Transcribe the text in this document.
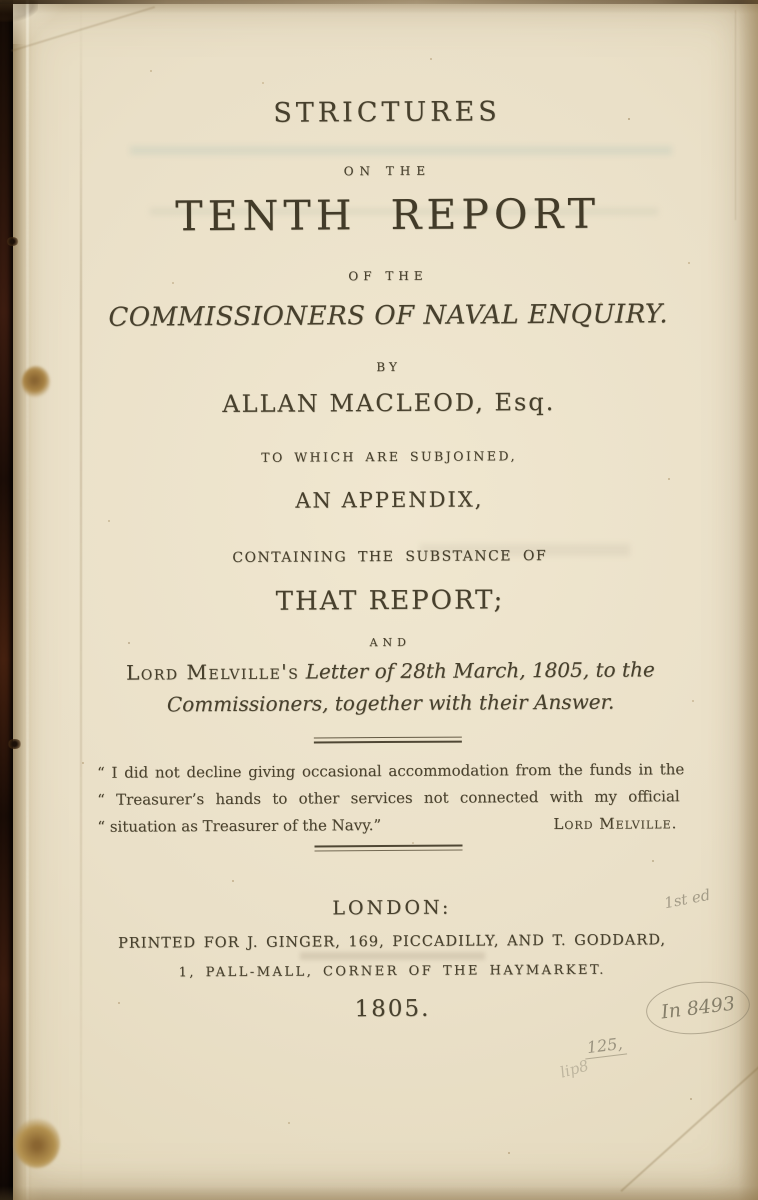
STRICTURES
ON THE
TENTH REPORT
OF THE
COMMISSIONERS OF NAVAL ENQUIRY.
BY
ALLAN MACLEOD, Esq.
TO WHICH ARE SUBJOINED,
AN APPENDIX,
CONTAINING THE SUBSTANCE OF
THAT REPORT;
AND
Lord Melville's Letter of 28th March, 1805, to the
Commissioners, together with their Answer.
“ I did not decline giving occasional accommodation from the funds in the
“ Treasurer’s hands to other services not connected with my official
“ situation as Treasurer of the Navy.”	Lord Melville.
LONDON:
PRINTED FOR J. GINGER, 169, PICCADILLY, AND T. GODDARD,
1, PALL-MALL, CORNER OF THE HAYMARKET.
1805.
1st ed
In 8493
125,
lip8
